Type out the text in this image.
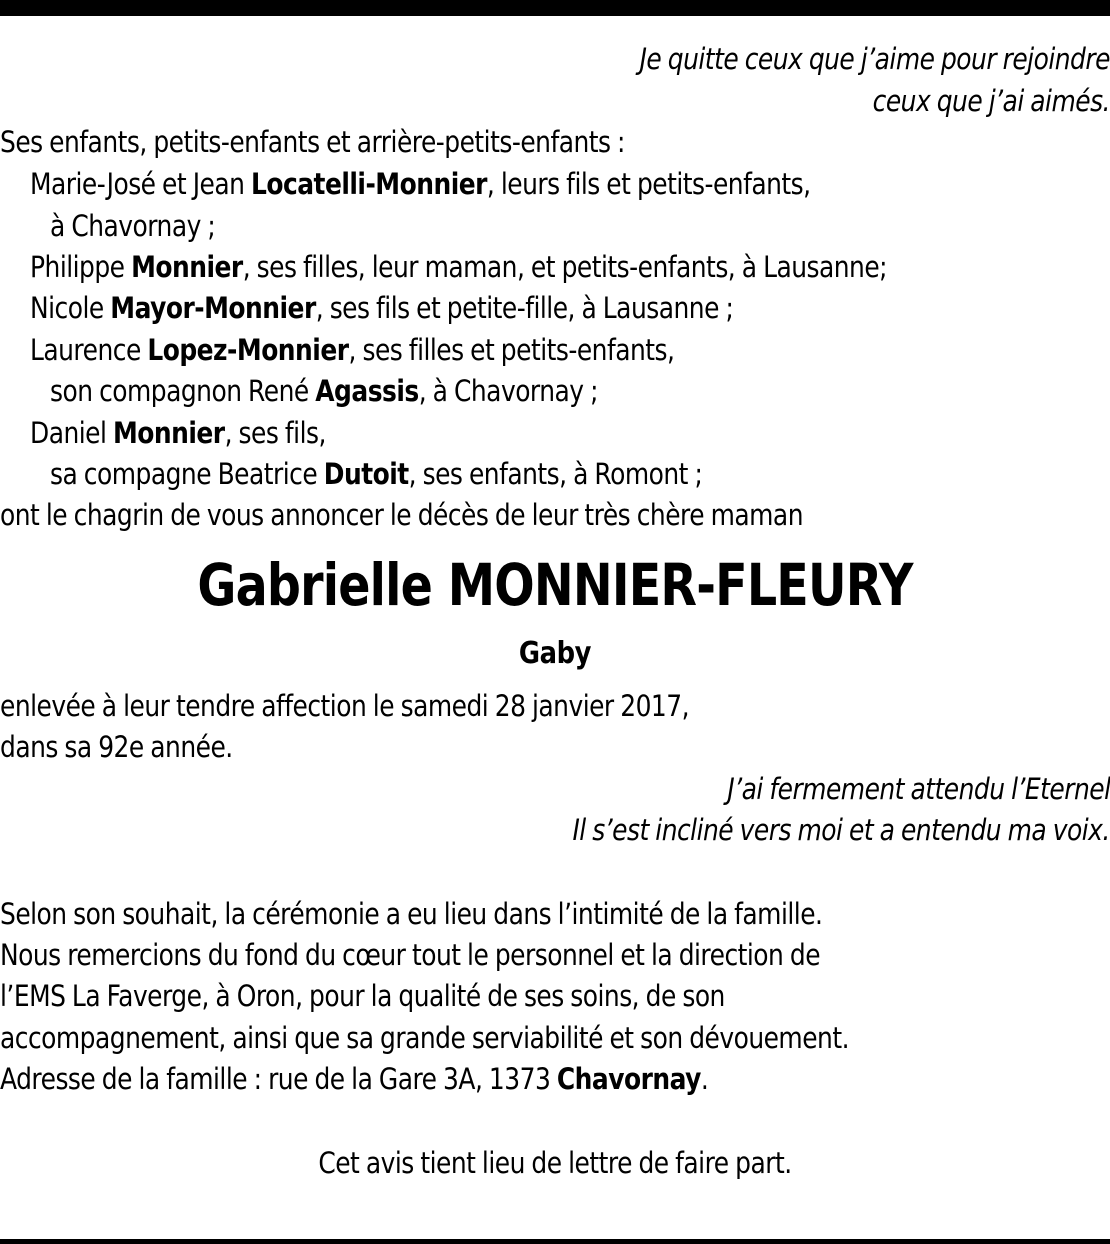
Je quitte ceux que j’aime pour rejoindre
ceux que j’ai aimés.
Ses enfants, petits-enfants et arrière-petits-enfants :
Marie-José et Jean Locatelli-Monnier, leurs fils et petits-enfants,
à Chavornay ;
Philippe Monnier, ses filles, leur maman, et petits-enfants, à Lausanne;
Nicole Mayor-Monnier, ses fils et petite-fille, à Lausanne ;
Laurence Lopez-Monnier, ses filles et petits-enfants,
son compagnon René Agassis, à Chavornay ;
Daniel Monnier, ses fils,
sa compagne Beatrice Dutoit, ses enfants, à Romont ;
ont le chagrin de vous annoncer le décès de leur très chère maman
Gabrielle MONNIER-FLEURY
Gaby
enlevée à leur tendre affection le samedi 28 janvier 2017,
dans sa 92e année.
J’ai fermement attendu l’Eternel
Il s’est incliné vers moi et a entendu ma voix.
Selon son souhait, la cérémonie a eu lieu dans l’intimité de la famille.
Nous remercions du fond du cœur tout le personnel et la direction de
l’EMS La Faverge, à Oron, pour la qualité de ses soins, de son
accompagnement, ainsi que sa grande serviabilité et son dévouement.
Adresse de la famille : rue de la Gare 3A, 1373 Chavornay.
Cet avis tient lieu de lettre de faire part.
